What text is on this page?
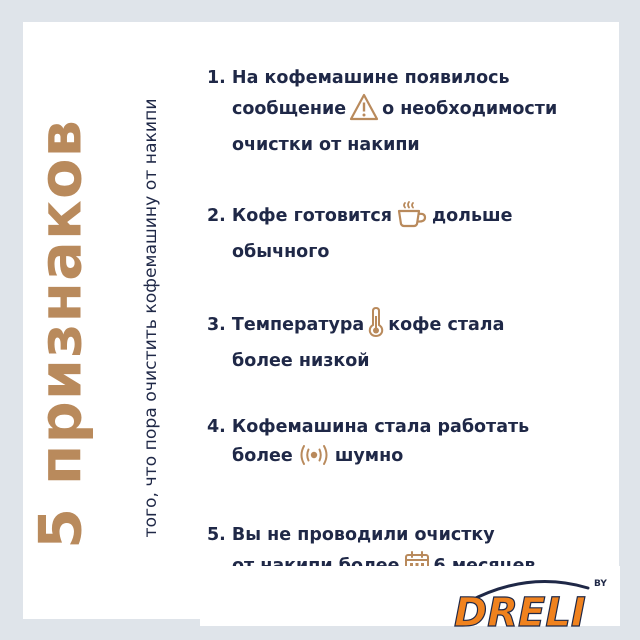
5 признаков	того, что пора очистить кофемашину от накипи
1. На кофемашине появилось
сообщение о необходимости
очистки от накипи
2. Кофе готовится дольше
обычного
3. Температура кофе стала
более низкой
4. Кофемашина стала работать
более шумно
5. Вы не проводили очистку
BY
DRELI
